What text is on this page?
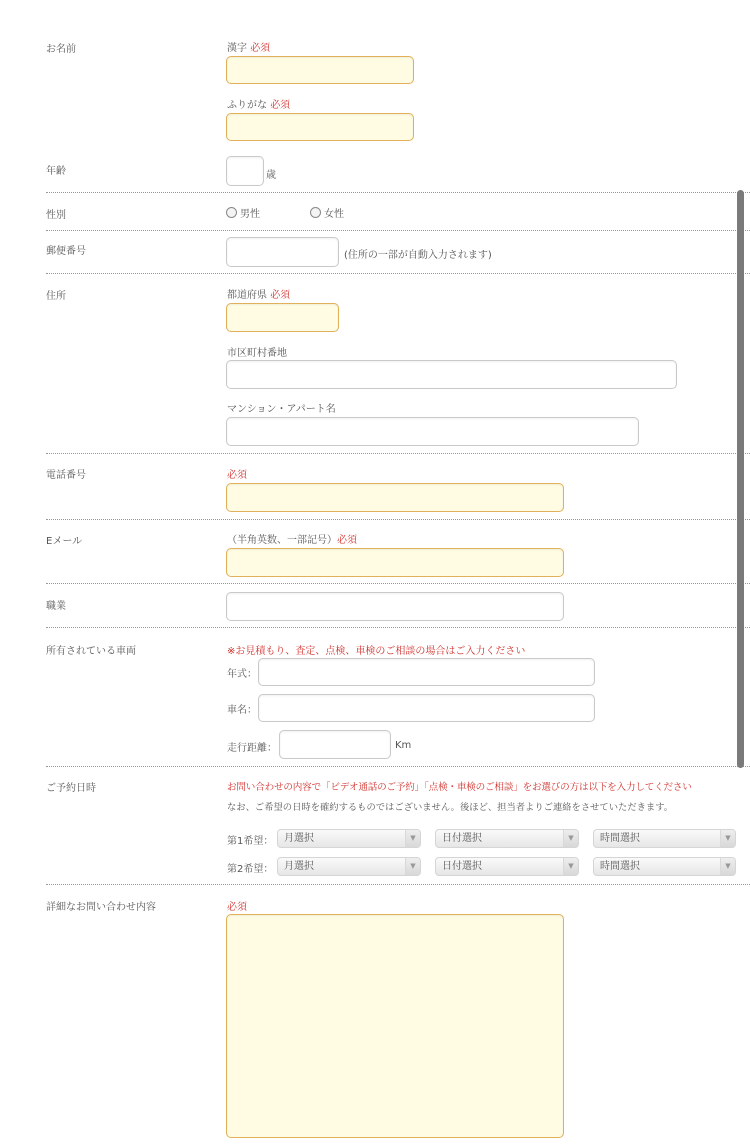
お名前	漢字 必須
ふりがな 必須
年齢	歳
性別	男性	女性
郵便番号	(住所の一部が自動入力されます)
住所	都道府県 必須
市区町村番地
マンション・アパート名
電話番号	必須
Eメール	（半角英数、一部記号）必須
職業
所有されている車両	※お見積もり、査定、点検、車検のご相談の場合はご入力ください
年式：
車名：
走行距離：	Km
ご予約日時	お問い合わせの内容で「ビデオ通話のご予約」「点検・車検のご相談」をお選びの方は以下を入力してください
なお、ご希望の日時を確約するものではございません。後ほど、担当者よりご連絡をさせていただきます。
第1希望：	月選択	▼	日付選択	▼	時間選択	▼
第2希望：	月選択	▼	日付選択	▼	時間選択	▼
詳細なお問い合わせ内容	必須
